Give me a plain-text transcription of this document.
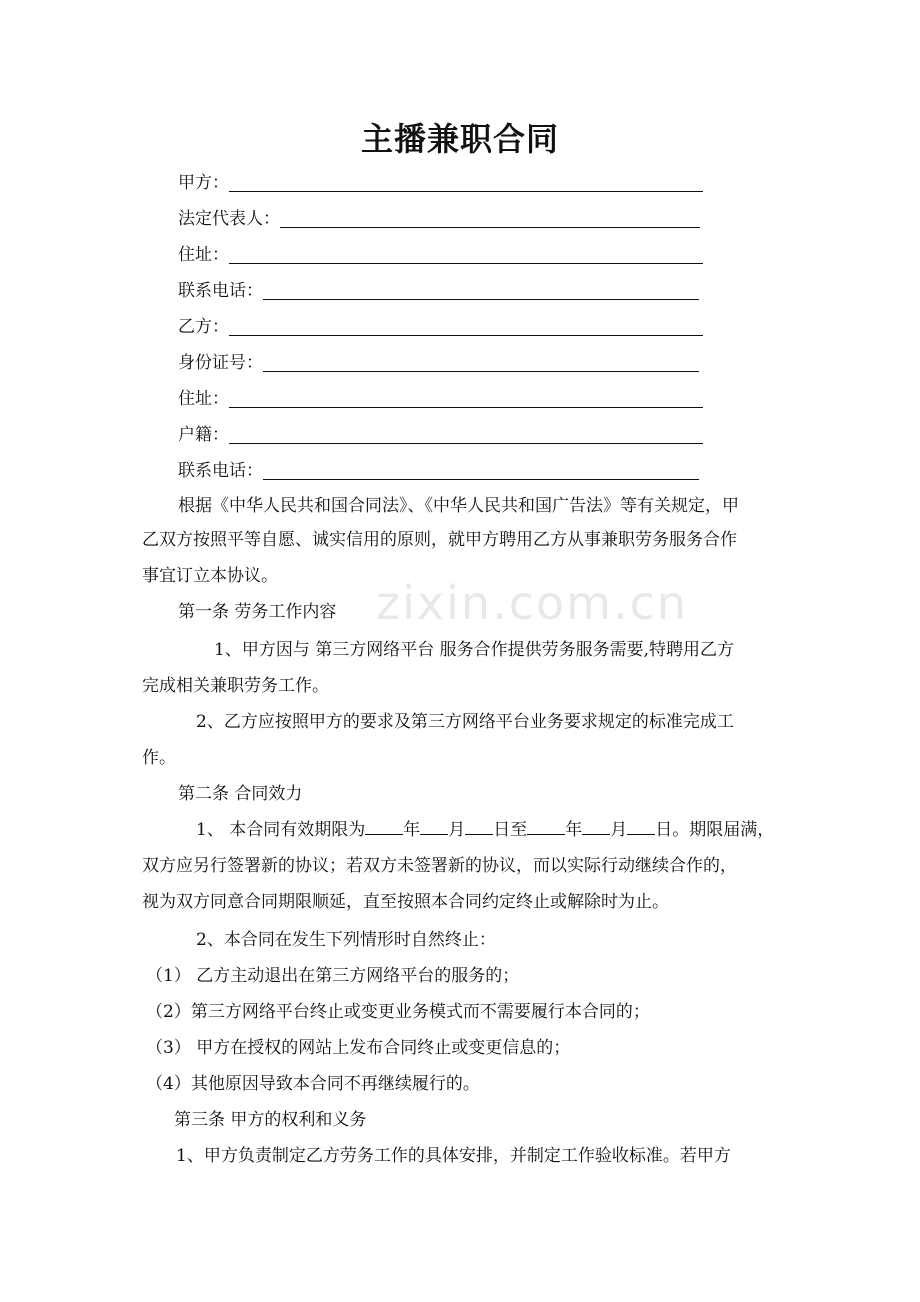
主播兼职合同
甲方：
法定代表人：
住址：
联系电话：
乙方：
身份证号：
住址：
户籍：
联系电话：
根据《中华人民共和国合同法》、《中华人民共和国广告法》等有关规定，甲
乙双方按照平等自愿、诚实信用的原则，就甲方聘用乙方从事兼职劳务服务合作
事宜订立本协议。
第一条 劳务工作内容
1、甲方因与 第三方网络平台 服务合作提供劳务服务需要,特聘用乙方
完成相关兼职劳务工作。
2、乙方应按照甲方的要求及第三方网络平台业务要求规定的标准完成工
作。
第二条 合同效力
1、 本合同有效期限为 年 月 日至 年 月 日。期限届满，
双方应另行签署新的协议；若双方未签署新的协议，而以实际行动继续合作的，
视为双方同意合同期限顺延，直至按照本合同约定终止或解除时为止。
2、本合同在发生下列情形时自然终止：
（1） 乙方主动退出在第三方网络平台的服务的；
（2）第三方网络平台终止或变更业务模式而不需要履行本合同的；
（3） 甲方在授权的网站上发布合同终止或变更信息的；
（4）其他原因导致本合同不再继续履行的。
第三条 甲方的权利和义务
1、甲方负责制定乙方劳务工作的具体安排，并制定工作验收标准。若甲方
zixin.com.cn
